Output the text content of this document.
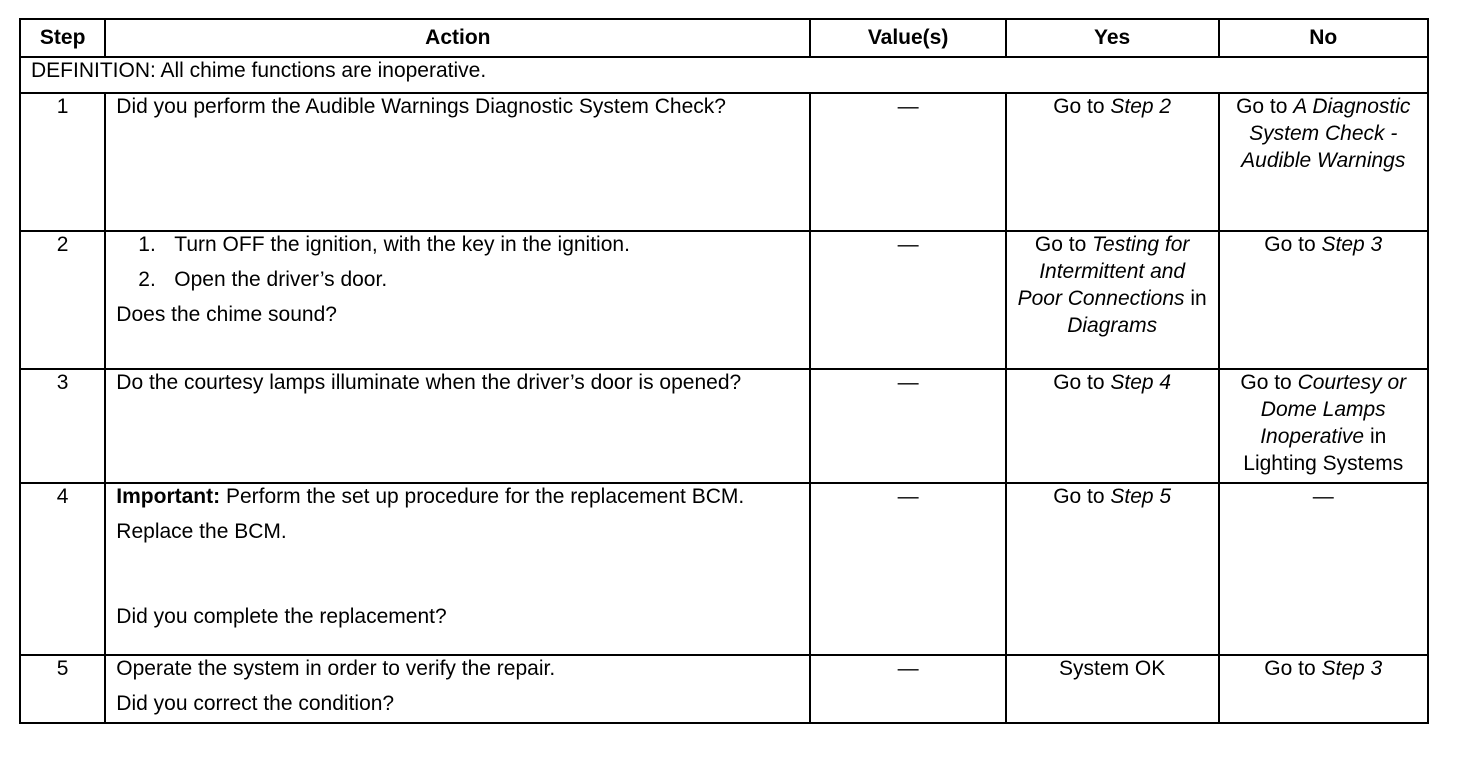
Step	Action	Value(s)	Yes	No
DEFINITION: All chime functions are inoperative.				
1	Did you perform the Audible Warnings Diagnostic System Check?	—	Go to Step 2	Go to A Diagnostic System Check - Audible Warnings
2	1. Turn OFF the ignition, with the key in the ignition.
2. Open the driver’s door.
Does the chime sound?	—	Go to Testing for Intermittent and Poor Connections in Diagrams	Go to Step 3
3	Do the courtesy lamps illuminate when the driver’s door is opened?	—	Go to Step 4	Go to Courtesy or Dome Lamps Inoperative in Lighting Systems
4	Important: Perform the set up procedure for the replacement BCM.
Replace the BCM.
Did you complete the replacement?	—	Go to Step 5	—
5	Operate the system in order to verify the repair.
Did you correct the condition?	—	System OK	Go to Step 3
